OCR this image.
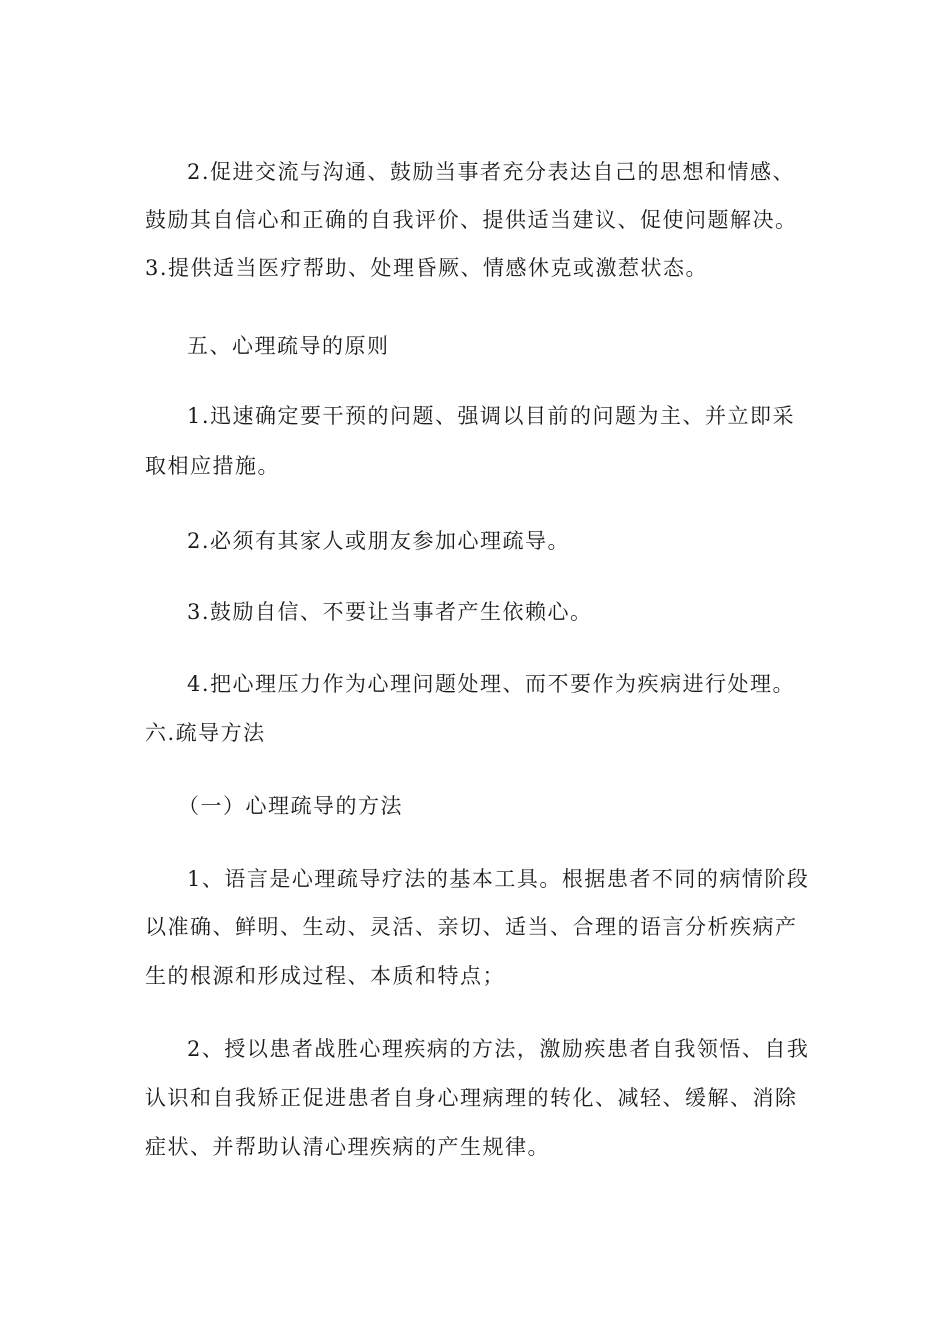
2.促进交流与沟通、鼓励当事者充分表达自己的思想和情感、
鼓励其自信心和正确的自我评价、提供适当建议、促使问题解决。
3.提供适当医疗帮助、处理昏厥、情感休克或激惹状态。
五、心理疏导的原则
1.迅速确定要干预的问题、强调以目前的问题为主、并立即采
取相应措施。
2.必须有其家人或朋友参加心理疏导。
3.鼓励自信、不要让当事者产生依赖心。
4.把心理压力作为心理问题处理、而不要作为疾病进行处理。
六.疏导方法
（一）心理疏导的方法
1、语言是心理疏导疗法的基本工具。根据患者不同的病情阶段
以准确、鲜明、生动、灵活、亲切、适当、合理的语言分析疾病产
生的根源和形成过程、本质和特点；
2、授以患者战胜心理疾病的方法，激励疾患者自我领悟、自我
认识和自我矫正促进患者自身心理病理的转化、减轻、缓解、消除
症状、并帮助认清心理疾病的产生规律。
